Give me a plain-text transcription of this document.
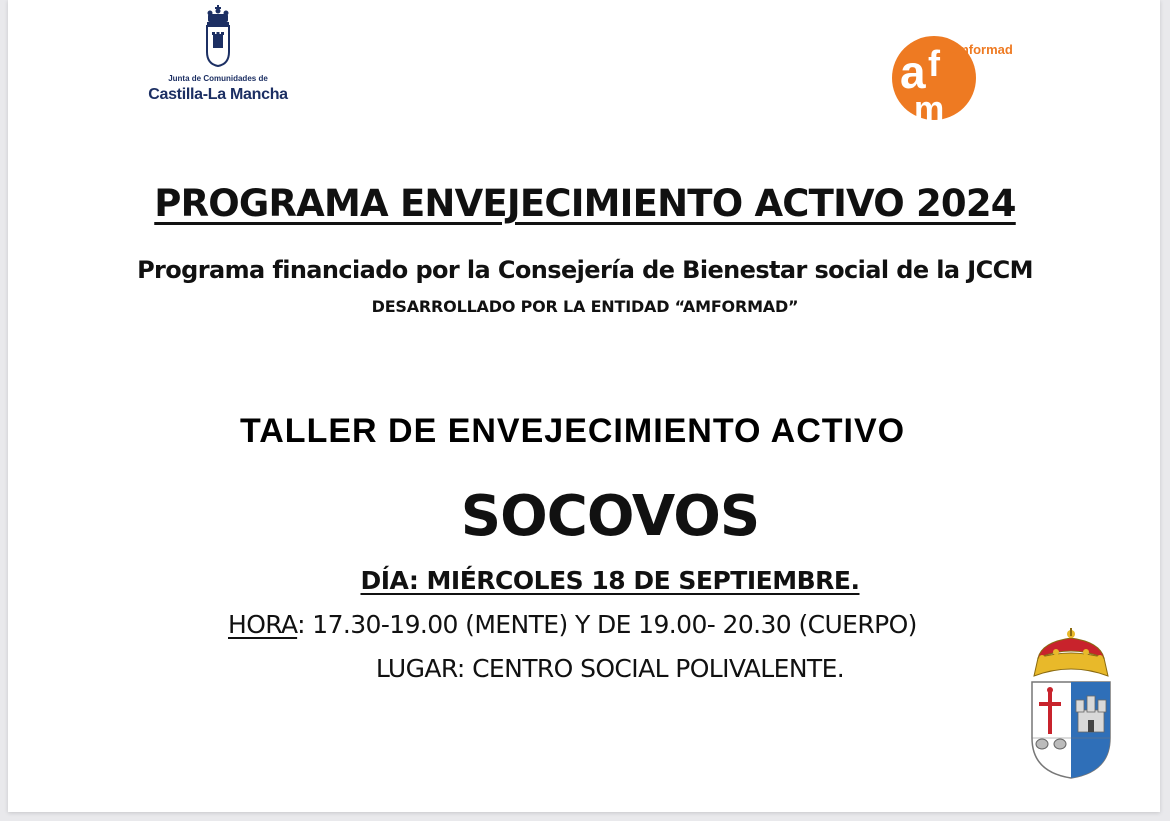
Junta de Comunidades de
Castilla-La Mancha	a f
m
amformad
PROGRAMA ENVEJECIMIENTO ACTIVO 2024
Programa financiado por la Consejería de Bienestar social de la JCCM
DESARROLLADO POR LA ENTIDAD “AMFORMAD”
TALLER DE ENVEJECIMIENTO ACTIVO
SOCOVOS
DÍA: MIÉRCOLES 18 DE SEPTIEMBRE.
HORA: 17.30-19.00 (MENTE) Y DE 19.00- 20.30 (CUERPO)
LUGAR: CENTRO SOCIAL POLIVALENTE.
